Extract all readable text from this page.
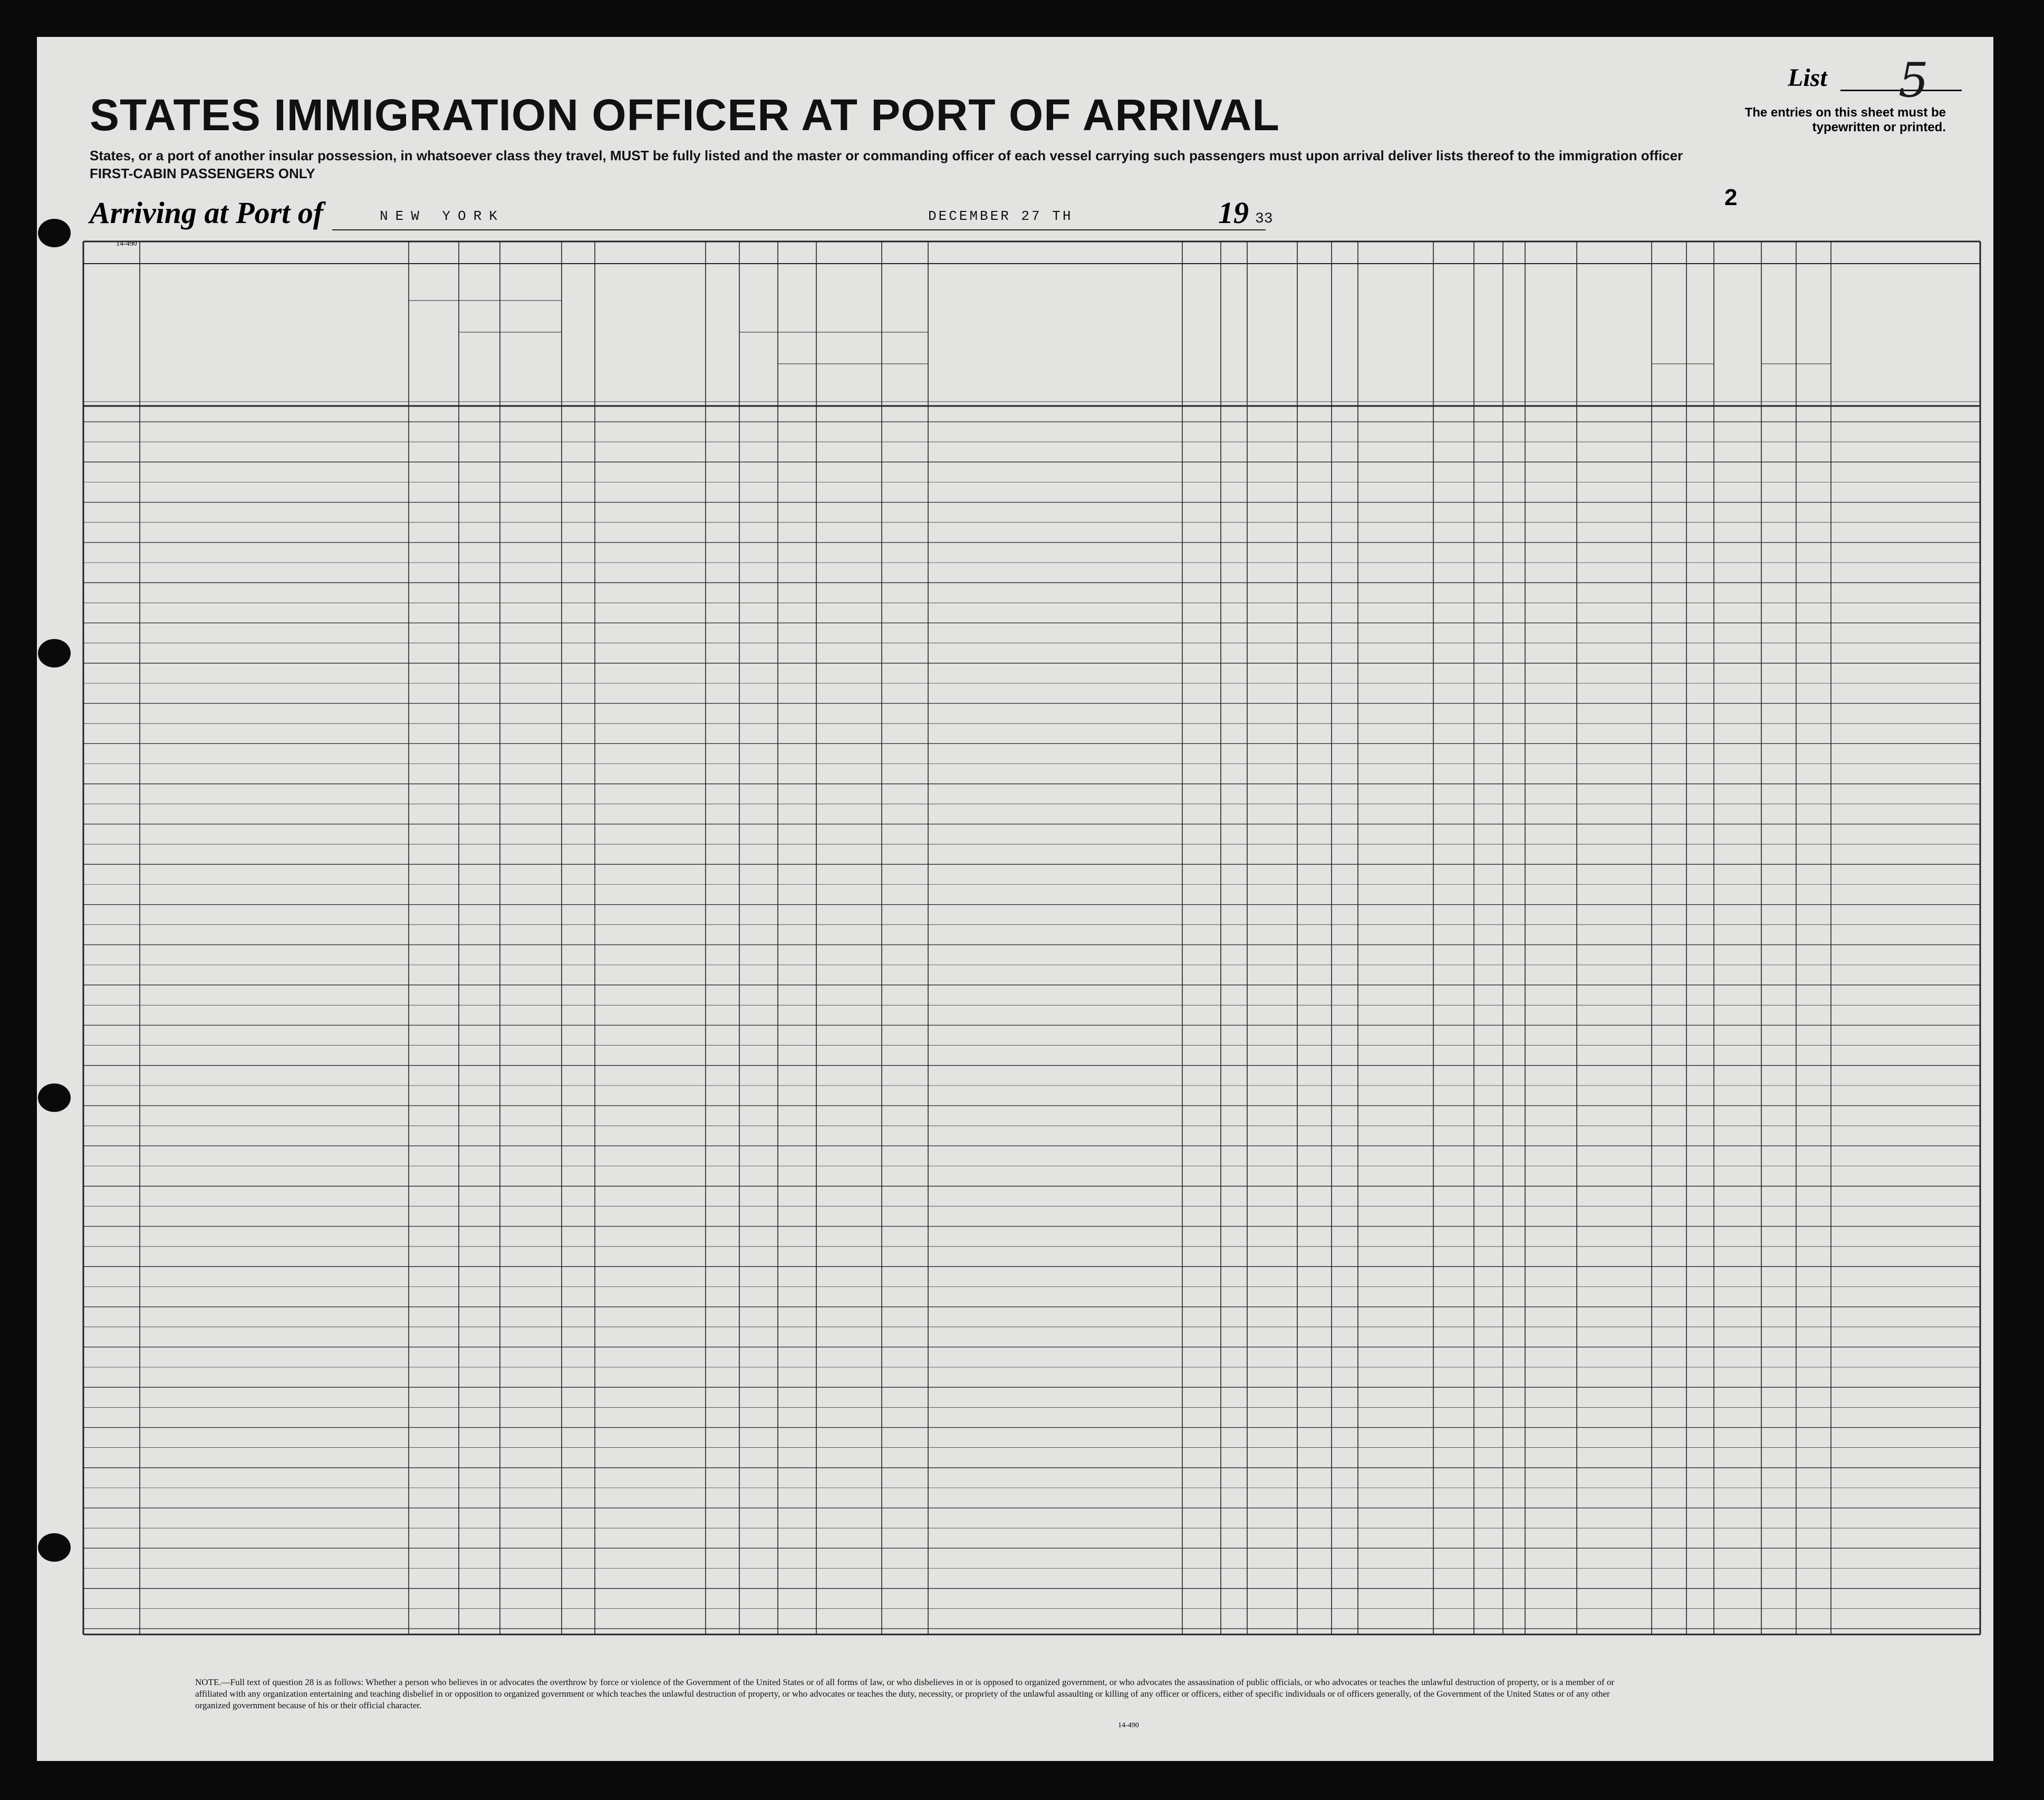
List 5
The entries on this sheet must be typewritten or printed.
STATES IMMIGRATION OFFICER AT PORT OF ARRIVAL
States, or a port of another insular possession, in whatsoever class they travel, MUST be fully listed and the master or commanding officer of each vessel carrying such passengers must upon arrival deliver lists thereof to the immigration officer
FIRST-CABIN PASSENGERS ONLY
Arriving at Port of	NEW YORK	DECEMBER 27 TH	19 33
2
14-490
NOTE.—Full text of question 28 is as follows: Whether a person who believes in or advocates the overthrow by force or violence of the Government of the United States or of all forms of law, or who disbelieves in or is opposed to organized government, or who advocates the assassination of public officials, or who advocates or teaches the unlawful destruction of property, or is a member of or affiliated with any organization entertaining and teaching disbelief in or opposition to organized government or which teaches the unlawful destruction of property, or who advocates or teaches the duty, necessity, or propriety of the unlawful assaulting or killing of any officer or officers, either of specific individuals or of officers generally, of the Government of the United States or of any other organized government because of his or their official character.
14-490
